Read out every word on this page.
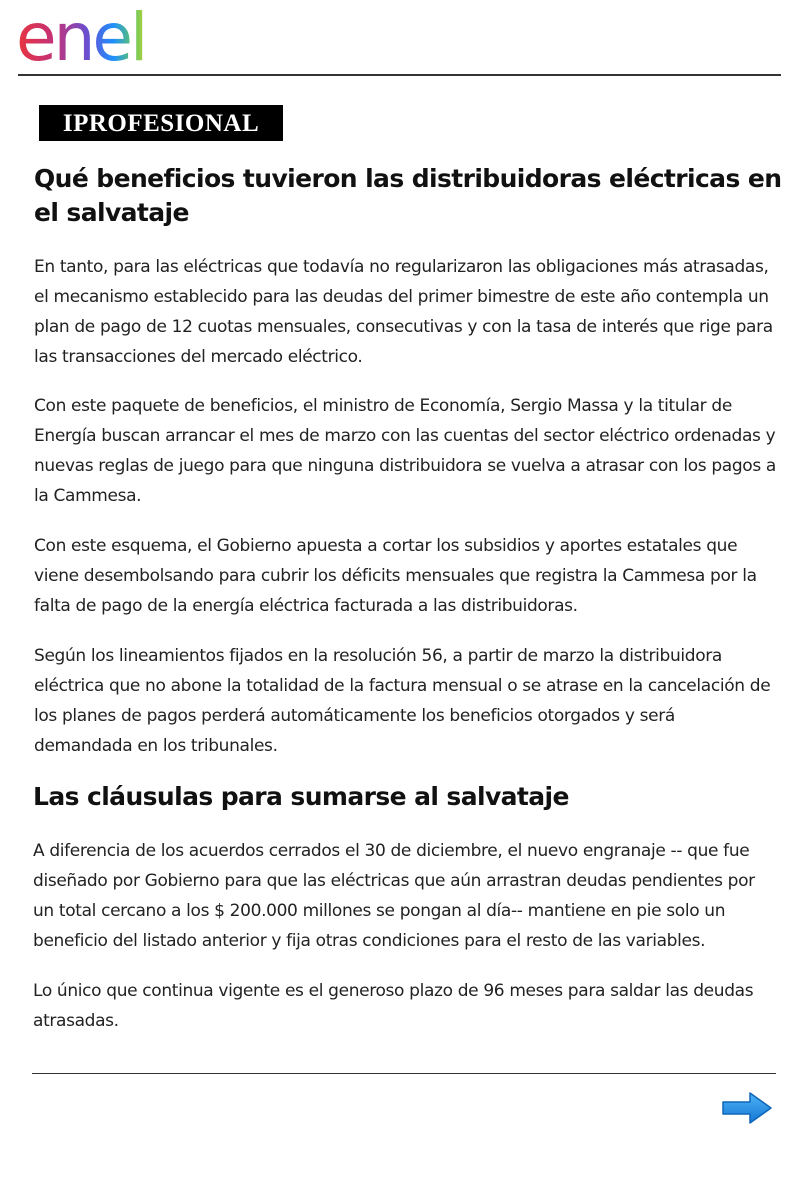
enel
IPROFESIONAL
Qué beneficios tuvieron las distribuidoras eléctricas en el salvataje

En tanto, para las eléctricas que todavía no regularizaron las obligaciones más atrasadas, el mecanismo establecido para las deudas del primer bimestre de este año contempla un plan de pago de 12 cuotas mensuales, consecutivas y con la tasa de interés que rige para las transacciones del mercado eléctrico.

Con este paquete de beneficios, el ministro de Economía, Sergio Massa y la titular de Energía buscan arrancar el mes de marzo con las cuentas del sector eléctrico ordenadas y nuevas reglas de juego para que ninguna distribuidora se vuelva a atrasar con los pagos a la Cammesa.

Con este esquema, el Gobierno apuesta a cortar los subsidios y aportes estatales que viene desembolsando para cubrir los déficits mensuales que registra la Cammesa por la falta de pago de la energía eléctrica facturada a las distribuidoras.

Según los lineamientos fijados en la resolución 56, a partir de marzo la distribuidora eléctrica que no abone la totalidad de la factura mensual o se atrase en la cancelación de los planes de pagos perderá automáticamente los beneficios otorgados y será demandada en los tribunales.

Las cláusulas para sumarse al salvataje

A diferencia de los acuerdos cerrados el 30 de diciembre, el nuevo engranaje -- que fue diseñado por Gobierno para que las eléctricas que aún arrastran deudas pendientes por un total cercano a los $ 200.000 millones se pongan al día-- mantiene en pie solo un beneficio del listado anterior y fija otras condiciones para el resto de las variables.

Lo único que continua vigente es el generoso plazo de 96 meses para saldar las deudas atrasadas.
